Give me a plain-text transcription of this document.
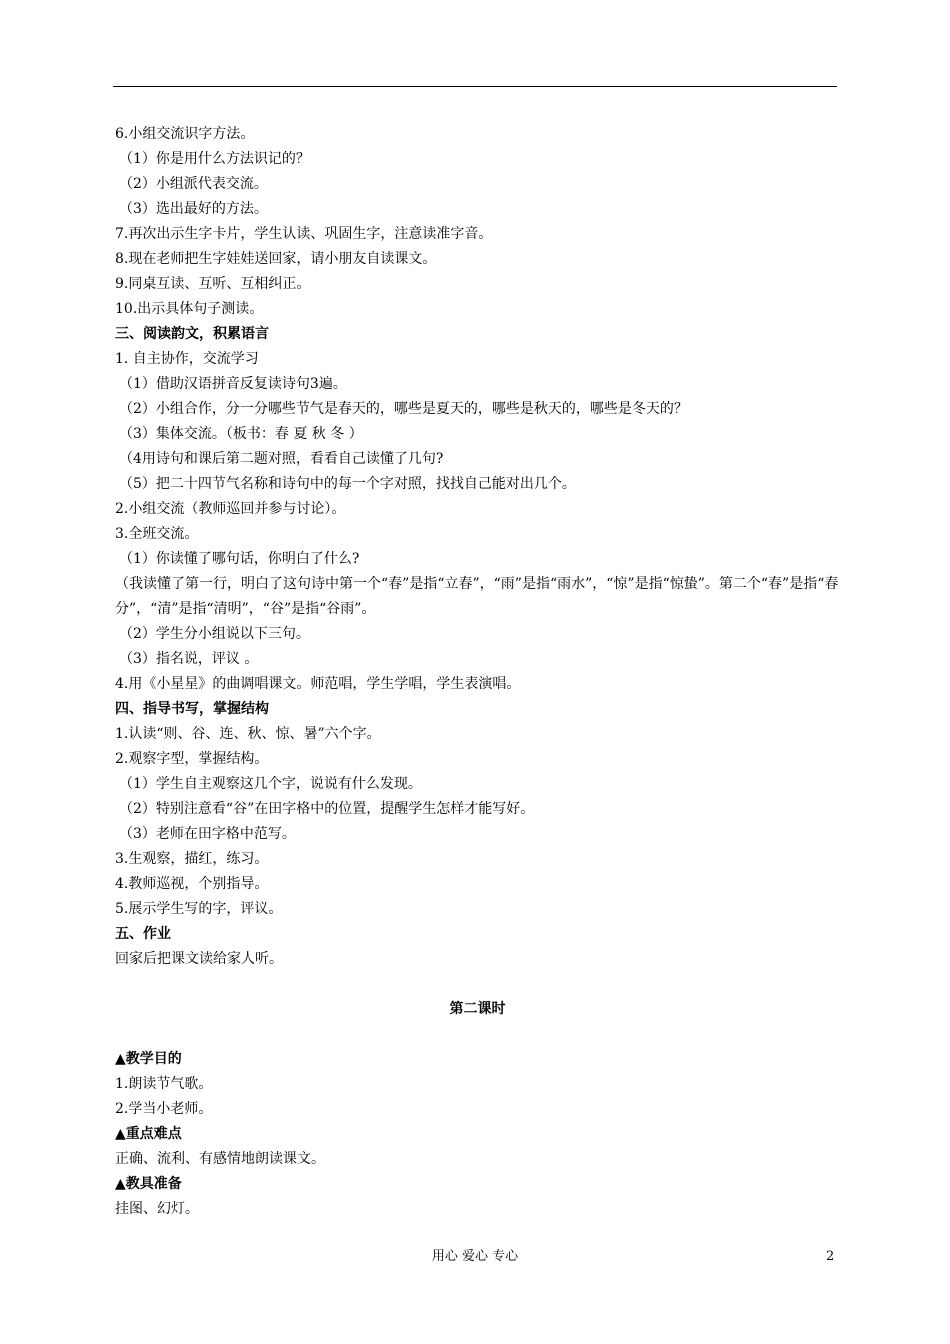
6.小组交流识字方法。
（1）你是用什么方法识记的？
（2）小组派代表交流。
（3）选出最好的方法。
7.再次出示生字卡片，学生认读、巩固生字，注意读准字音。
8.现在老师把生字娃娃送回家，请小朋友自读课文。
9.同桌互读、互听、互相纠正。
10.出示具体句子测读。
三、阅读韵文，积累语言
1. 自主协作，交流学习
（1）借助汉语拼音反复读诗句3遍。
（2）小组合作，分一分哪些节气是春天的，哪些是夏天的，哪些是秋天的，哪些是冬天的？
（3）集体交流。（板书：春 夏 秋 冬 ）
（4用诗句和课后第二题对照，看看自己读懂了几句?
（5）把二十四节气名称和诗句中的每一个字对照，找找自己能对出几个。
2.小组交流（教师巡回并参与讨论）。
3.全班交流。
（1）你读懂了哪句话，你明白了什么?
（我读懂了第一行，明白了这句诗中第一个“春”是指“立春”，“雨”是指“雨水”，“惊”是指“惊蛰”。第二个“春”是指“春分”，“清”是指“清明”，“谷”是指“谷雨”。
（2）学生分小组说以下三句。
（3）指名说，评议 。
4.用《小星星》的曲调唱课文。师范唱，学生学唱，学生表演唱。
四、指导书写，掌握结构
1.认读“则、谷、连、秋、惊、暑”六个字。
2.观察字型，掌握结构。
（1）学生自主观察这几个字，说说有什么发现。
（2）特别注意看“谷”在田字格中的位置，提醒学生怎样才能写好。
（3）老师在田字格中范写。
3.生观察，描红，练习。
4.教师巡视，个别指导。
5.展示学生写的字，评议。
五、作业
回家后把课文读给家人听。
第二课时
▲教学目的
1.朗读节气歌。
2.学当小老师。
▲重点难点
正确、流利、有感情地朗读课文。
▲教具准备
挂图、幻灯。
用心 爱心 专心	2
